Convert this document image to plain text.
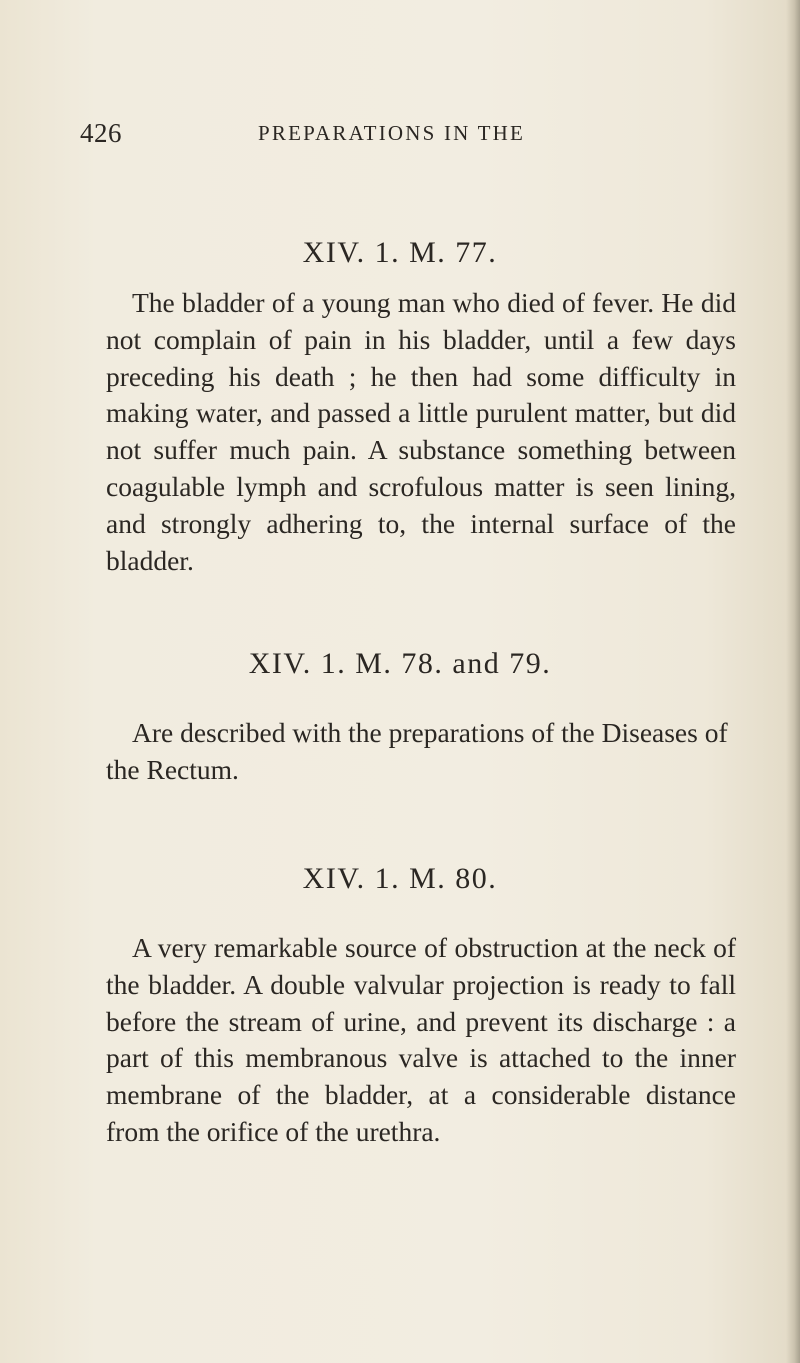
426	PREPARATIONS IN THE
XIV. 1. M. 77.

The bladder of a young man who died of fever. He did not complain of pain in his bladder, until a few days preceding his death ; he then had some difficulty in making water, and passed a little purulent matter, but did not suffer much pain. A substance something between coagulable lymph and scrofulous matter is seen lining, and strongly adhering to, the internal surface of the bladder.

XIV. 1. M. 78. and 79.

Are described with the preparations of the Diseases of the Rectum.

XIV. 1. M. 80.

A very remarkable source of obstruction at the neck of the bladder. A double valvular projection is ready to fall before the stream of urine, and prevent its discharge : a part of this membranous valve is attached to the inner membrane of the bladder, at a considerable distance from the orifice of the urethra.
